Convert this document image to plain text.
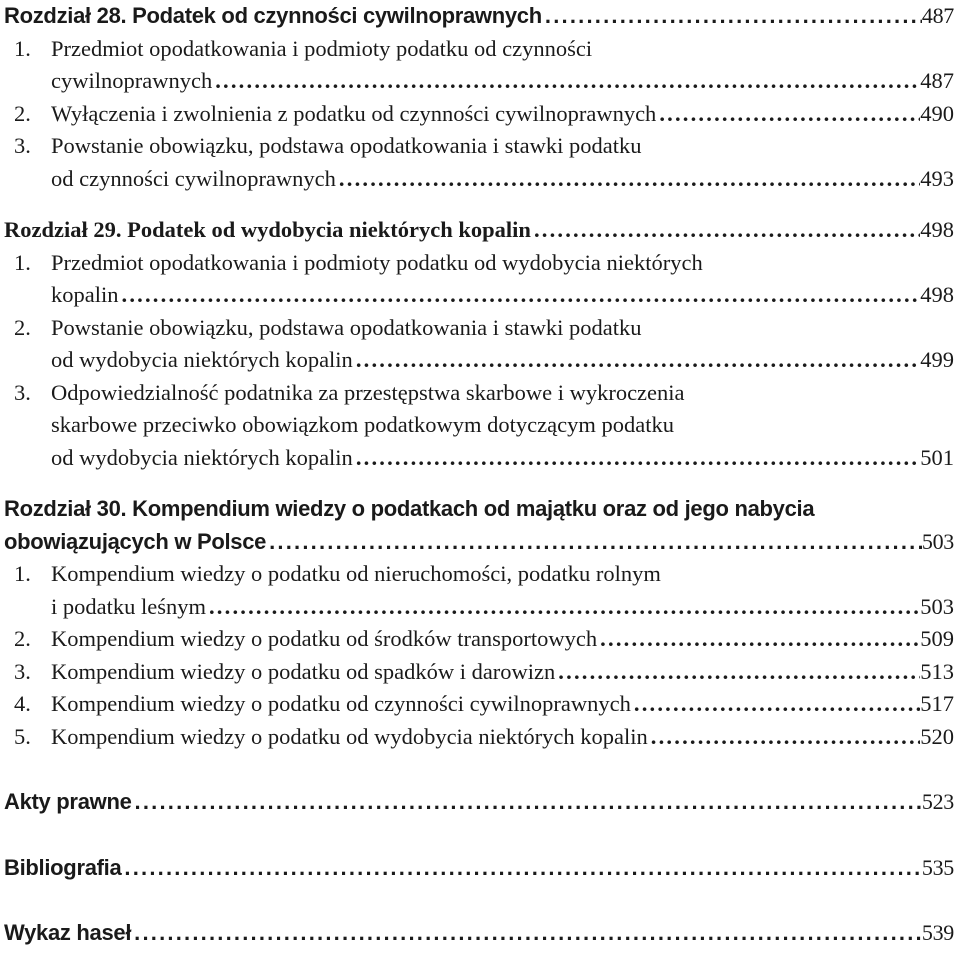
Rozdział 28. Podatek od czynności cywilnoprawnych .....	487
1. Przedmiot opodatkowania i podmioty podatku od czynności
cywilnoprawnych .....	487
2. Wyłączenia i zwolnienia z podatku od czynności cywilnoprawnych .....	490
3. Powstanie obowiązku, podstawa opodatkowania i stawki podatku
od czynności cywilnoprawnych .....	493
Rozdział 29. Podatek od wydobycia niektórych kopalin .....	498
1. Przedmiot opodatkowania i podmioty podatku od wydobycia niektórych
kopalin .....	498
2. Powstanie obowiązku, podstawa opodatkowania i stawki podatku
od wydobycia niektórych kopalin .....	499
3. Odpowiedzialność podatnika za przestępstwa skarbowe i wykroczenia
skarbowe przeciwko obowiązkom podatkowym dotyczącym podatku
od wydobycia niektórych kopalin .....	501
Rozdział 30. Kompendium wiedzy o podatkach od majątku oraz od jego nabycia
obowiązujących w Polsce .....	503
1. Kompendium wiedzy o podatku od nieruchomości, podatku rolnym
i podatku leśnym .....	503
2. Kompendium wiedzy o podatku od środków transportowych .....	509
3. Kompendium wiedzy o podatku od spadków i darowizn .....	513
4. Kompendium wiedzy o podatku od czynności cywilnoprawnych .....	517
5. Kompendium wiedzy o podatku od wydobycia niektórych kopalin .....	520
Akty prawne .....	523
Bibliografia .....	535
Wykaz haseł .....	539
